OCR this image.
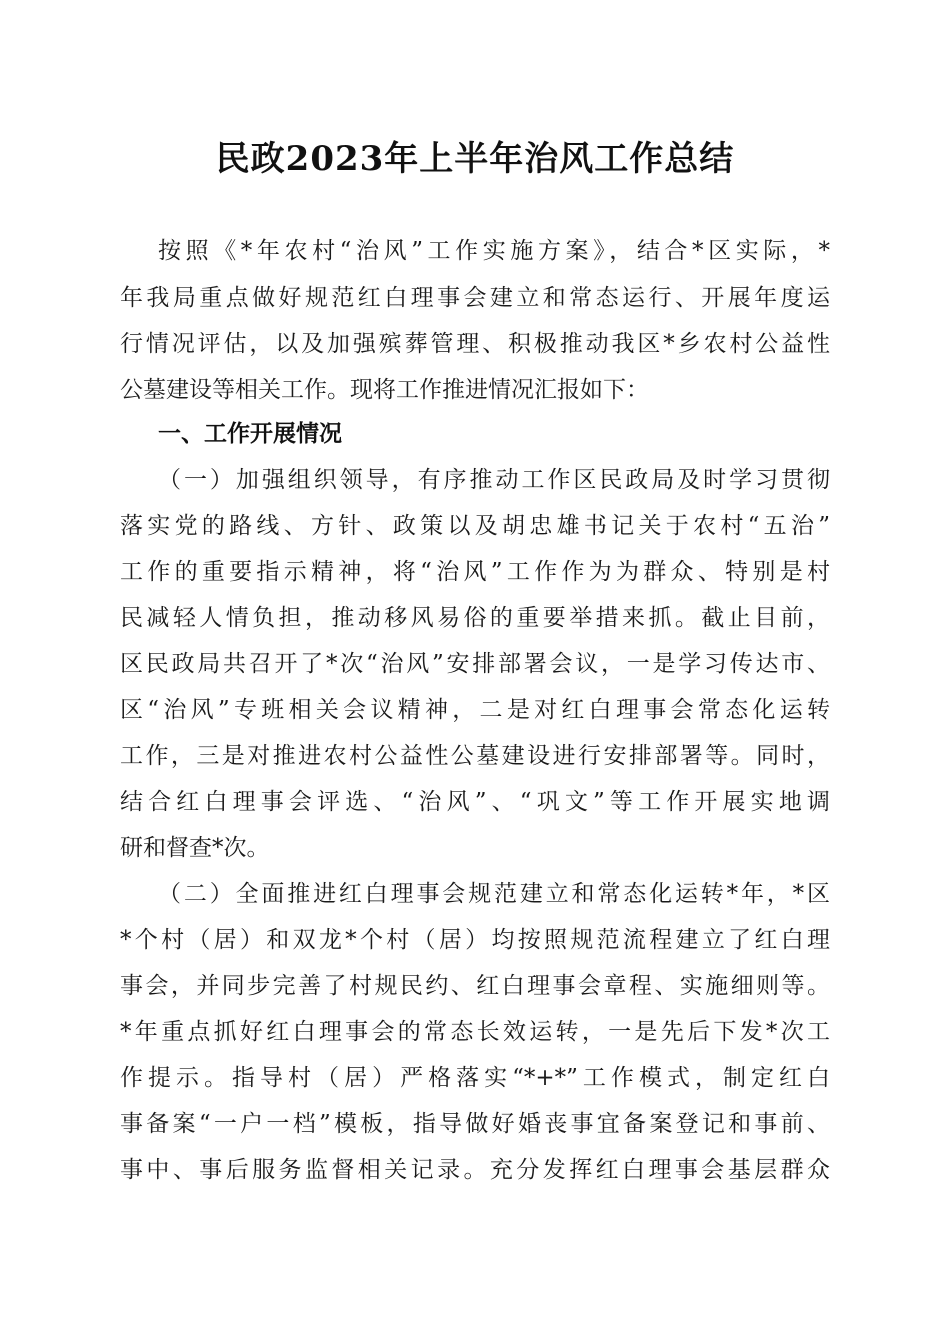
民政2023年上半年治风工作总结
按照《*年农村“治风”工作实施方案》，结合*区实际，*
年我局重点做好规范红白理事会建立和常态运行、开展年度运
行情况评估，以及加强殡葬管理、积极推动我区*乡农村公益性
公墓建设等相关工作。现将工作推进情况汇报如下：
一、工作开展情况
（一）加强组织领导，有序推动工作区民政局及时学习贯彻
落实党的路线、方针、政策以及胡忠雄书记关于农村“五治”
工作的重要指示精神，将“治风”工作作为为群众、特别是村
民减轻人情负担，推动移风易俗的重要举措来抓。截止目前，
区民政局共召开了*次“治风”安排部署会议，一是学习传达市、
区“治风”专班相关会议精神，二是对红白理事会常态化运转
工作，三是对推进农村公益性公墓建设进行安排部署等。同时，
结合红白理事会评选、“治风”、“巩文”等工作开展实地调
研和督查*次。
（二）全面推进红白理事会规范建立和常态化运转*年，*区
*个村（居）和双龙*个村（居）均按照规范流程建立了红白理
事会，并同步完善了村规民约、红白理事会章程、实施细则等。
*年重点抓好红白理事会的常态长效运转，一是先后下发*次工
作提示。指导村（居）严格落实“*+*”工作模式，制定红白
事备案“一户一档”模板，指导做好婚丧事宜备案登记和事前、
事中、事后服务监督相关记录。充分发挥红白理事会基层群众
